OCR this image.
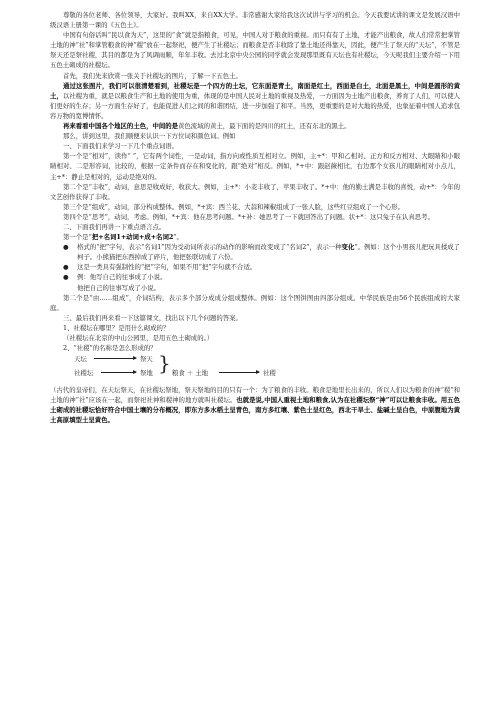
尊敬的各位老师、各位领导，大家好。我叫XX，来自XX大学。非常感谢大家给我这次试讲与学习的机会。今天我要试讲的课文是发展汉语中级汉语上册第一课的《五色土》。

中国有句俗话叫“民以食为天”，这里的“食”就是指粮食，可见，中国人对于粮食的重视。而只有有了土地，才能产出粮食，故人们常常把掌管土地的神“社”和掌管粮食的神“稷”放在一起祭祀，便产生了社稷坛；而粮食是否丰收除了靠土地还得靠天，因此，便产生了祭天的“天坛”，不管是祭天还是祭社稷，其目的都是为了风调雨顺，年年丰收。去过北京中央公园的同学就会发现那里既有天坛也有社稷坛，今天呢我们主要介绍一下用五色土砌成的社稷坛。

首先，我们先来欣赏一张关于社稷坛的图片，了解一下五色土。

通过这张图片，我们可以很清楚看到，社稷坛是一个四方的土坛，它东面是青土，南面是红土，西面是白土，北面是黑土，中间是圆形的黄土，以社稷为重，就是以粮食生产和土地的使用为重，体现的是中国人民对土地的重视及热爱，一方面因为土地产出粮食，养育了人们，可以使人们更好的生存；另一方面生存好了，也能促进人们之间的和谐团结，进一步加强了和平。当然，更重要的是对大地的热爱，也象征着中国人追求包容万物的宽博情怀。

再来看看中国各个地区的土色，中间的是黄色流域的黄土，最下面的是四川的红土，还有东北的黑土。

那么，讲到这里，我们顺便来认识一下方位词和颜色词。例如

一、下面我们来学习一下几个重点词语。

第一个是“相对”，读作“ ”，它有两个词性，一是动词，指方向或性质互相对立。例如，主+*：甲和乙相对、正方和反方相对、大眼睛和小眼睛相对、二是形容词，比较的，根据一定条件而存在和变化的，跟“绝对”相反。例如，*+中：跟赵薇相比，右边那个女孩儿的眼睛相对小点儿，主+*：静止是相对的，运动是绝对的。

第二个是“丰收”，动词，意思是收成好，收获大。例如，主+*：小麦丰收了，苹果丰收了。*+中：他的勤土满是丰收的喜悦，动+*：今年的文艺创作获得了丰收。

第三个是“组成”，动词，部分构成整体。例如，*+宾：西兰花、大蒜和辣椒组成了一张人脸，这些红豆组成了一个心形。

第四个是“思考”，动词，考虑。例如，*+宾：他在思考问题。*+补：她思考了一下就回答出了问题。状+*：这只兔子在认真思考。

二、下面我们再讲一下重点语言点。

第一个是“把+名词1+动词+成+名词2”。

●	格式的“把”字句，表示“名词1”因为受动词所表示的动作的影响而改变成了“名词2”，表示一种变化”。例如：这个小男孩儿把玩具揉成了柯子。小熊猫把东西掉成了碎片，他把张联切成了六份。
●	这是一类具有强制性的“把”字句，如果不用“把”字句就不合适。
●	例：他写自己的往事成了小说。

他把自己的往事写成了小说。

第二个是“由……组成”，介词结构，表示多个部分成成分组成整体。例如：这个图饼图由四部分组成。中华民族是由56个民族组成的大家庭。

三、最后我们再来看一下这篇课文，找出以下几个问题的答案。

1、社稷坛在哪里？是用什么砌成的？

（社稷坛在北京的中山公园里，是用五色土砌成的。）

2、“社稷”的名称是怎么形成的？

天坛	祭天 }
社稷坛	祭地	粮食 ＋ 土地	社稷

（古代的皇帝们，在天坛祭天，在社稷坛祭地，祭天祭地的目的只有一个：为了粮食的丰收。粮食是地里长出来的，所以人们以为粮食的神“稷”和土地的神“社”应该在一起，而祭祀社神和稷神的地方就叫社稷坛。也就是说,中国人重视土地和粮食,认为在社稷坛祭“神”可以让粮食丰收。用五色土砌成的社稷坛恰好符合中国土壤的分布概况，即东方多水稻土呈青色，南方多红壤、紫色土呈红色，西北干旱土、盐碱土呈白色，中原腹地为黄土高原填型土呈黄色。
